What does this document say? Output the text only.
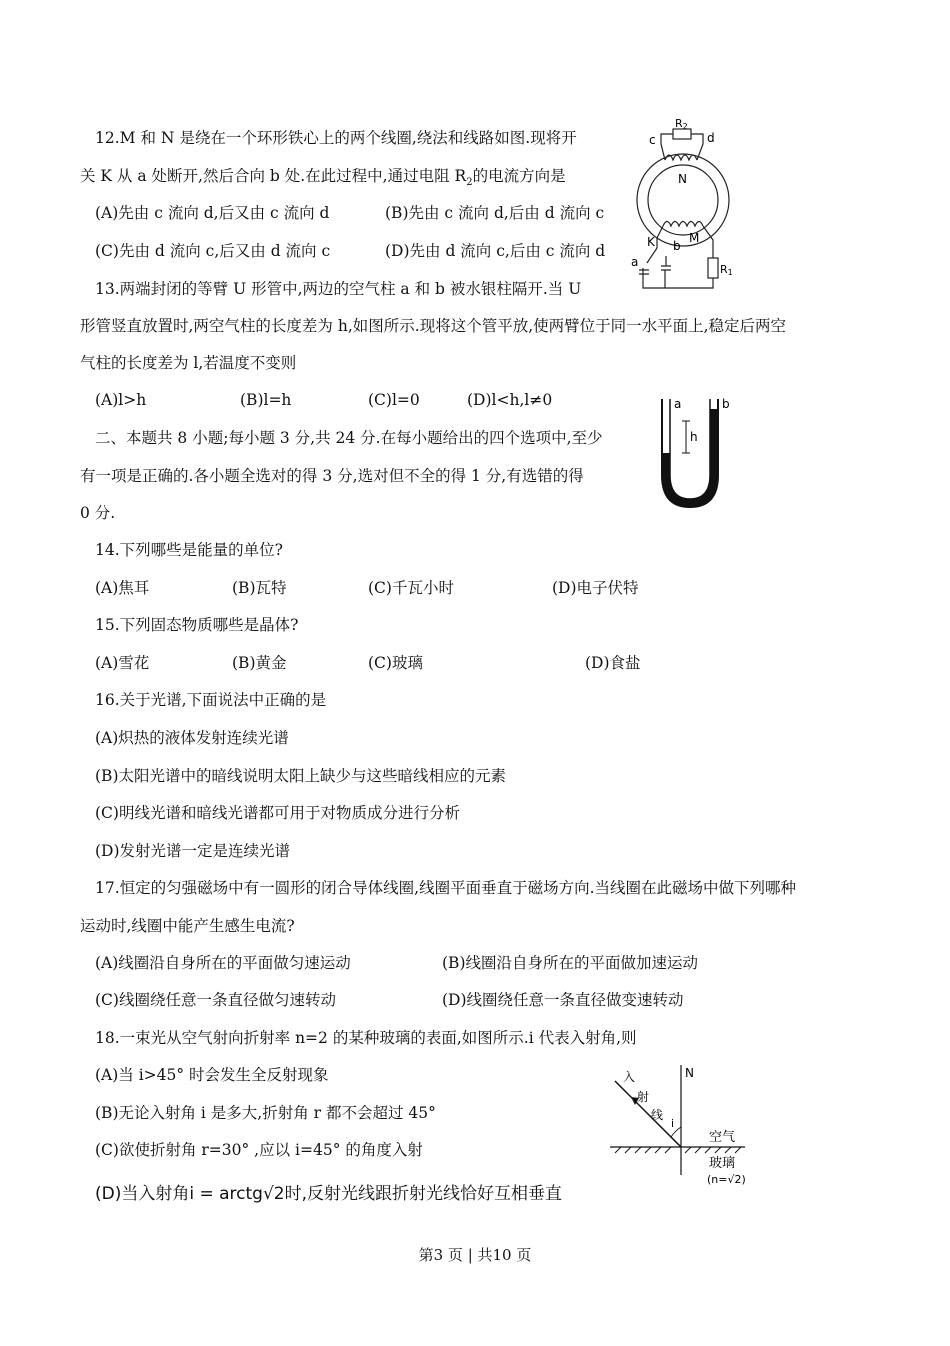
12.M 和 N 是绕在一个环形铁心上的两个线圈,绕法和线路如图.现将开
关 K 从 a 处断开,然后合向 b 处.在此过程中,通过电阻 $R_2$的电流方向是
(A)先由 c 流向 d,后又由 c 流向 d	(B)先由 c 流向 d,后由 d 流向 c
(C)先由 d 流向 c,后又由 d 流向 c	(D)先由 d 流向 c,后由 c 流向 d
c	d
R2
N
M
K
a
b
R1
13.两端封闭的等臂 U 形管中,两边的空气柱 a 和 b 被水银柱隔开.当 U
形管竖直放置时,两空气柱的长度差为 h,如图所示.现将这个管平放,使两臂位于同一水平面上,稳定后两空
气柱的长度差为 l,若温度不变则
(A)l>h	(B)l=h	(C)l=0	(D)l<h,l≠0	a	b
h
二、本题共 8 小题;每小题 3 分,共 24 分.在每小题给出的四个选项中,至少
有一项是正确的.各小题全选对的得 3 分,选对但不全的得 1 分,有选错的得
0 分.
14.下列哪些是能量的单位?
(A)焦耳	(B)瓦特	(C)千瓦小时	(D)电子伏特
15.下列固态物质哪些是晶体?
(A)雪花	(B)黄金	(C)玻璃	(D)食盐
16.关于光谱,下面说法中正确的是
(A)炽热的液体发射连续光谱
(B)太阳光谱中的暗线说明太阳上缺少与这些暗线相应的元素
(C)明线光谱和暗线光谱都可用于对物质成分进行分析
(D)发射光谱一定是连续光谱
17.恒定的匀强磁场中有一圆形的闭合导体线圈,线圈平面垂直于磁场方向.当线圈在此磁场中做下列哪种
运动时,线圈中能产生感生电流?
(A)线圈沿自身所在的平面做匀速运动	(B)线圈沿自身所在的平面做加速运动
(C)线圈绕任意一条直径做匀速转动	(D)线圈绕任意一条直径做变速转动
18.一束光从空气射向折射率 n=2 的某种玻璃的表面,如图所示.i 代表入射角,则
(A)当 i>45° 时会发生全反射现象
(B)无论入射角 i 是多大,折射角 r 都不会超过 45°
(C)欲使折射角 r=30° ,应以 i=45° 的角度入射
(D)当入射角i = arctg√2时,反射光线跟折射光线恰好互相垂直
N
入
射
线
i
空气
玻璃
(n=√2)
第3 页 | 共10 页
